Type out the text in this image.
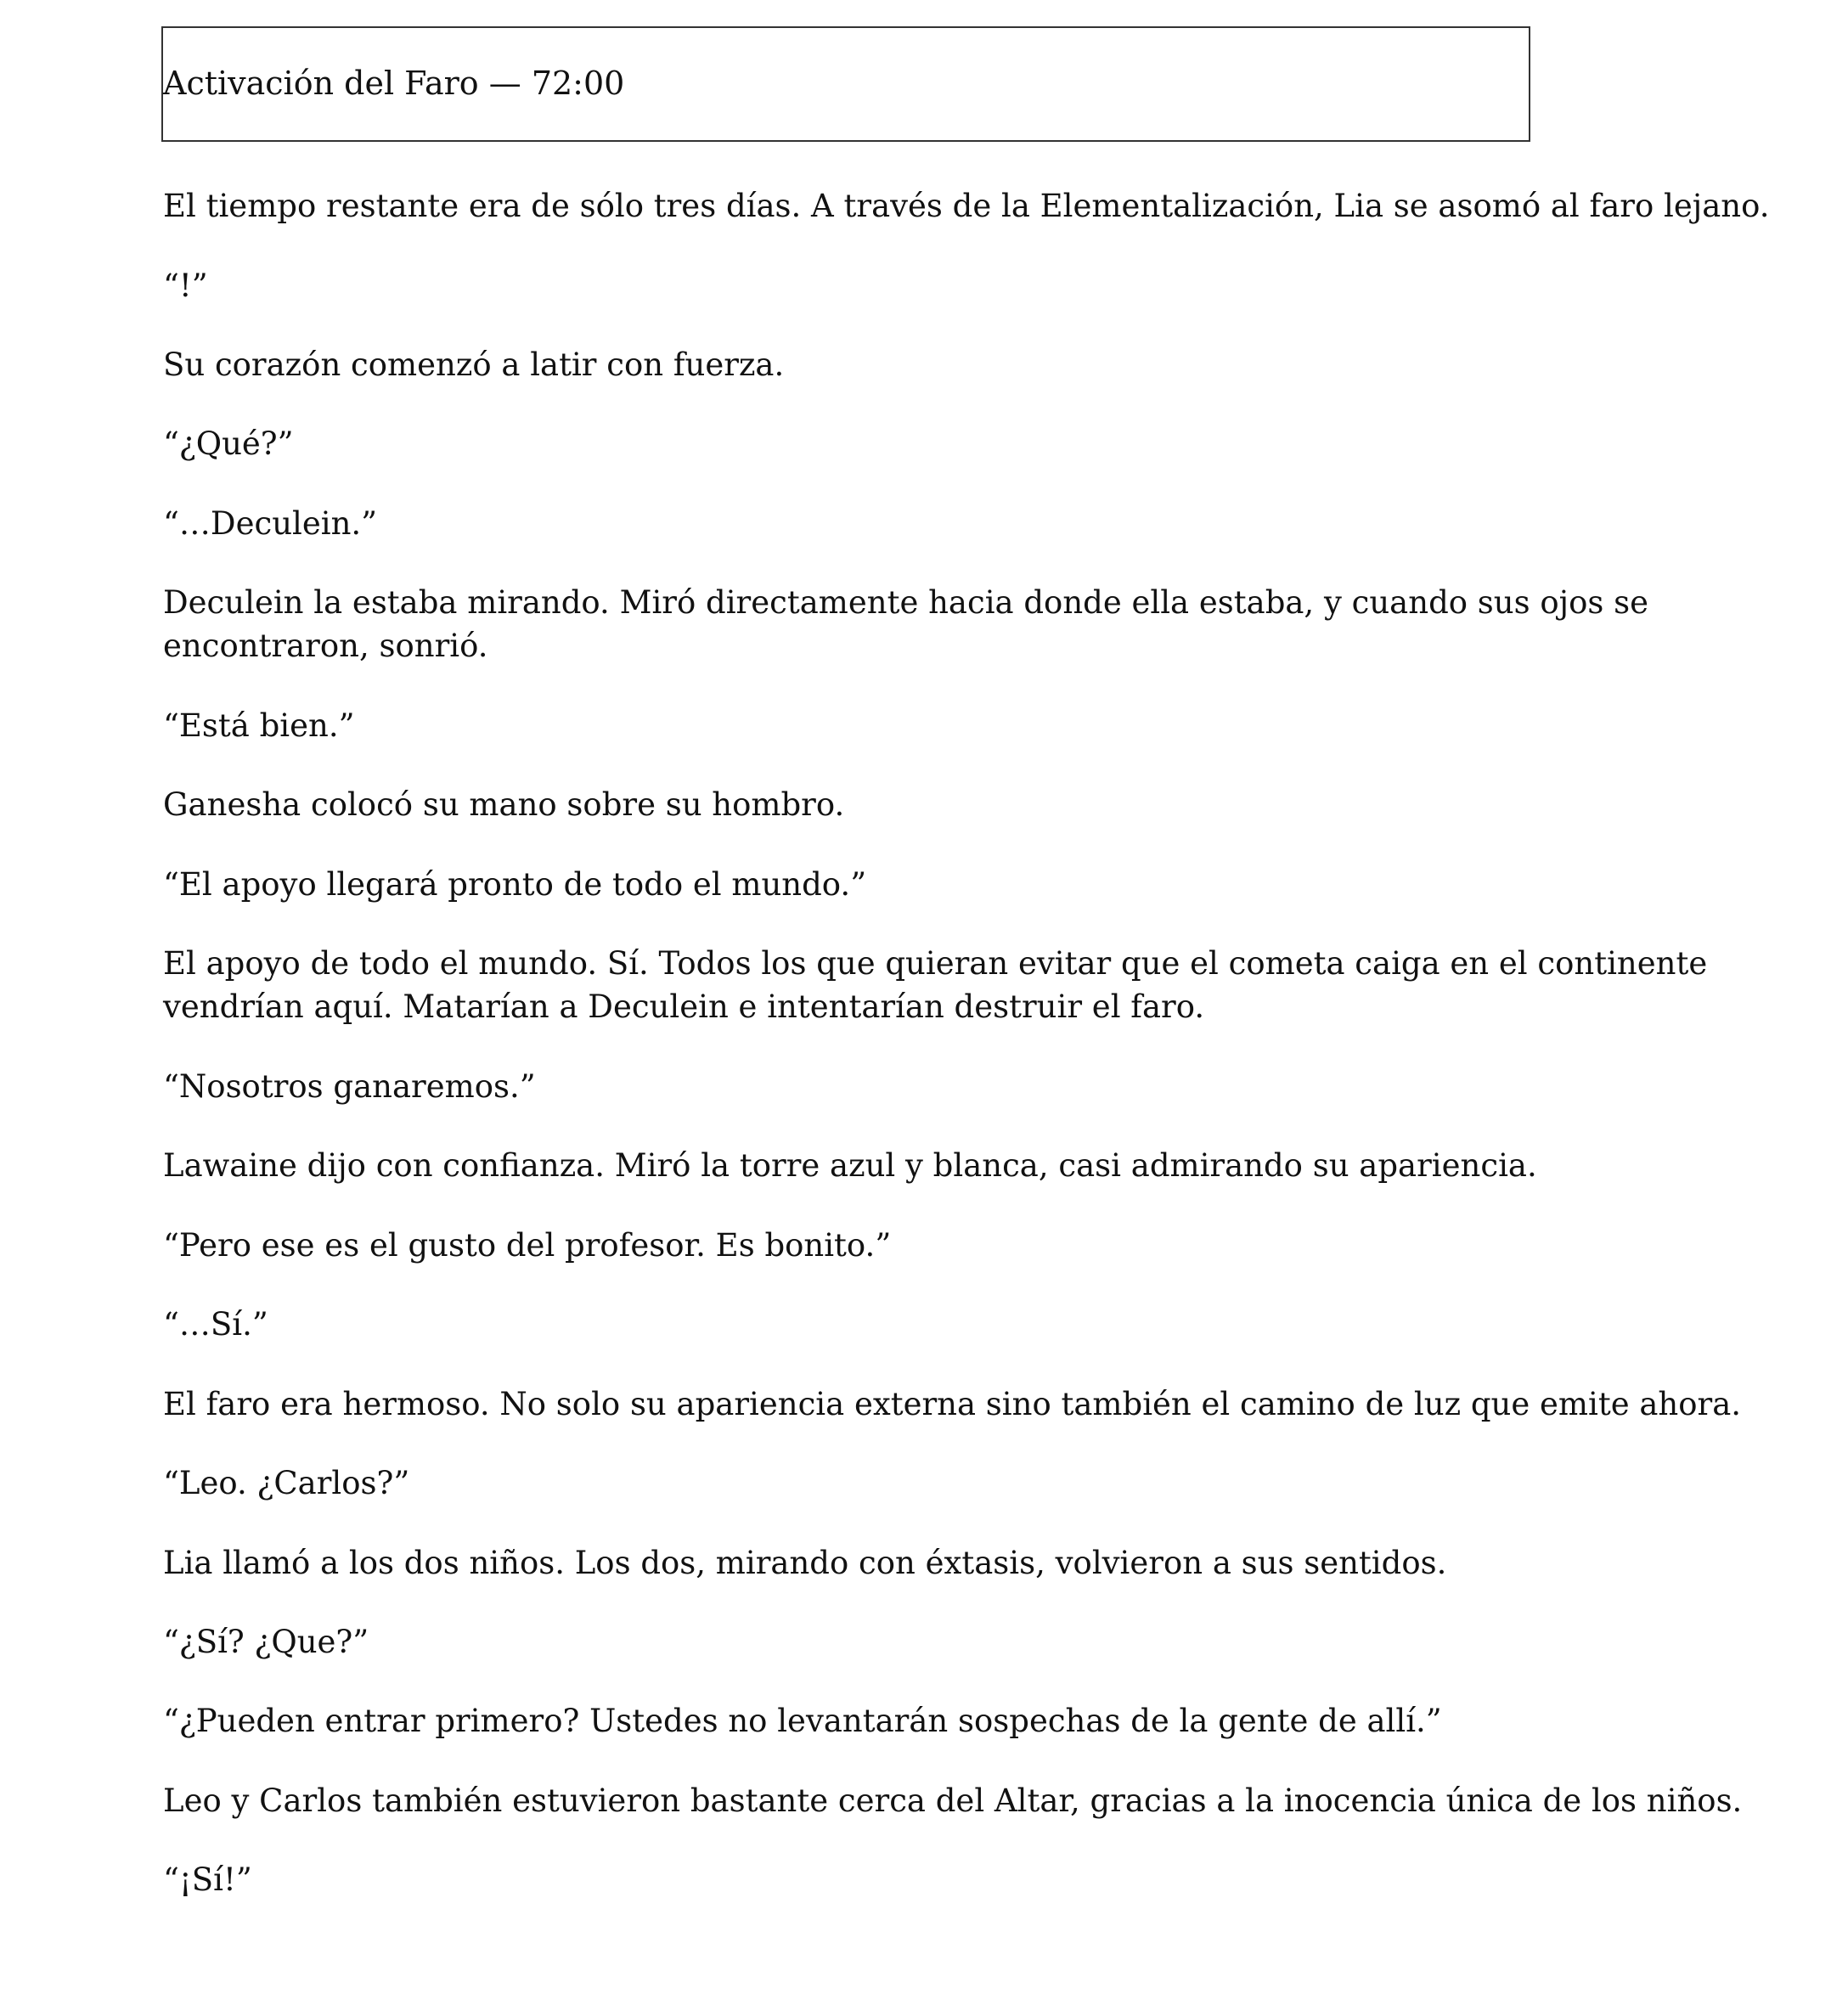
Activación del Faro — 72:00

El tiempo restante era de sólo tres días. A través de la Elementalización, Lia se asomó al faro lejano.

“!”

Su corazón comenzó a latir con fuerza.

“¿Qué?”

“…Deculein.”

Deculein la estaba mirando. Miró directamente hacia donde ella estaba, y cuando sus ojos se

encontraron, sonrió.

“Está bien.”

Ganesha colocó su mano sobre su hombro.

“El apoyo llegará pronto de todo el mundo.”

El apoyo de todo el mundo. Sí. Todos los que quieran evitar que el cometa caiga en el continente

vendrían aquí. Matarían a Deculein e intentarían destruir el faro.

“Nosotros ganaremos.”

Lawaine dijo con confianza. Miró la torre azul y blanca, casi admirando su apariencia.

“Pero ese es el gusto del profesor. Es bonito.”

“…Sí.”

El faro era hermoso. No solo su apariencia externa sino también el camino de luz que emite ahora.

“Leo. ¿Carlos?”

Lia llamó a los dos niños. Los dos, mirando con éxtasis, volvieron a sus sentidos.

“¿Sí? ¿Que?”

“¿Pueden entrar primero? Ustedes no levantarán sospechas de la gente de allí.”

Leo y Carlos también estuvieron bastante cerca del Altar, gracias a la inocencia única de los niños.

“¡Sí!”
